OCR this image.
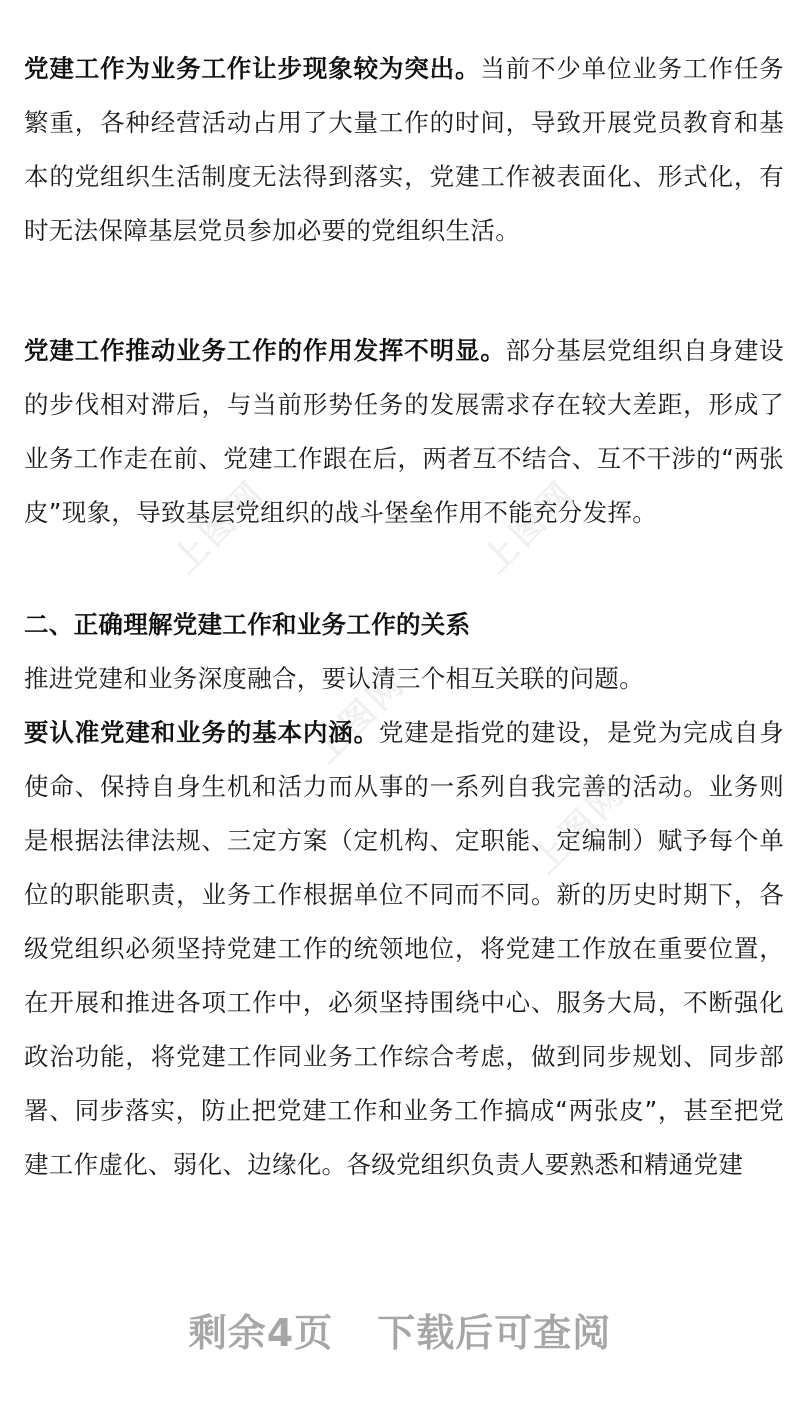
上图网	上图网
上图网
上图网

党建工作为业务工作让步现象较为突出。当前不少单位业务工作任务繁重，各种经营活动占用了大量工作的时间，导致开展党员教育和基本的党组织生活制度无法得到落实，党建工作被表面化、形式化，有时无法保障基层党员参加必要的党组织生活。

党建工作推动业务工作的作用发挥不明显。部分基层党组织自身建设的步伐相对滞后，与当前形势任务的发展需求存在较大差距，形成了业务工作走在前、党建工作跟在后，两者互不结合、互不干涉的“两张皮”现象，导致基层党组织的战斗堡垒作用不能充分发挥。

二、正确理解党建工作和业务工作的关系

推进党建和业务深度融合，要认清三个相互关联的问题。

要认准党建和业务的基本内涵。党建是指党的建设，是党为完成自身使命、保持自身生机和活力而从事的一系列自我完善的活动。业务则是根据法律法规、三定方案（定机构、定职能、定编制）赋予每个单位的职能职责，业务工作根据单位不同而不同。新的历史时期下，各级党组织必须坚持党建工作的统领地位，将党建工作放在重要位置，在开展和推进各项工作中，必须坚持围绕中心、服务大局，不断强化政治功能，将党建工作同业务工作综合考虑，做到同步规划、同步部署、同步落实，防止把党建工作和业务工作搞成“两张皮”，甚至把党建工作虚化、弱化、边缘化。各级党组织负责人要熟悉和精通党建

剩余4页 下载后可查阅
